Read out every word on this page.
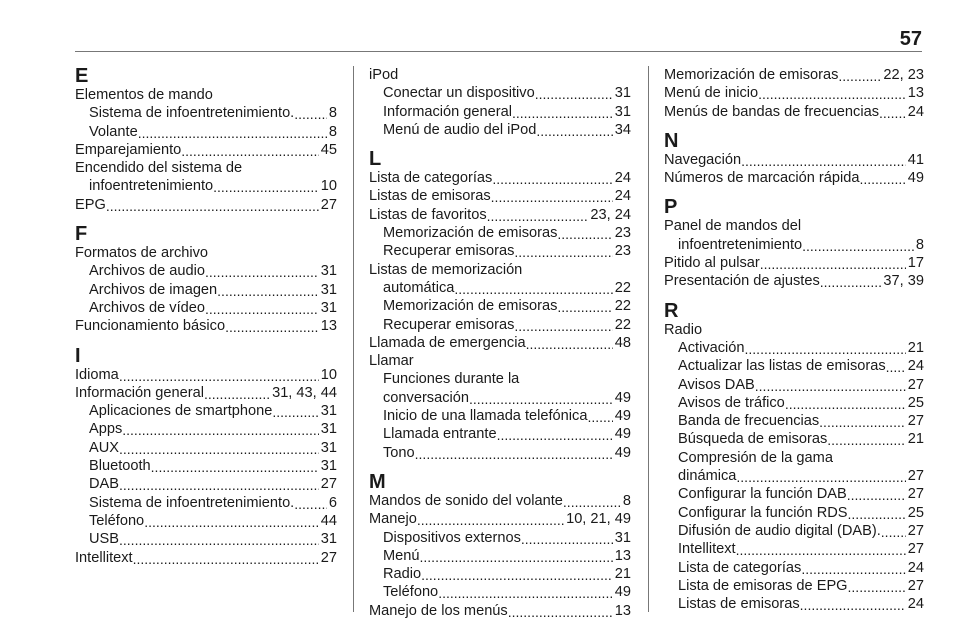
57
E
Elementos de mando
Sistema de infoentretenimiento. ..... 8
Volante .....	8
Emparejamiento .....	45
Encendido del sistema de
infoentretenimiento .....	10
EPG .....	27
F
Formatos de archivo
Archivos de audio .....	31
Archivos de imagen .....	31
Archivos de vídeo .....	31
Funcionamiento básico .....	13
I
Idioma .....	10
Información general .....	31, 43, 44
Aplicaciones de smartphone .....	31
Apps .....	31
AUX .....	31
Bluetooth .....	31
DAB .....	27
Sistema de infoentretenimiento. ..... 6
Teléfono .....	44
USB .....	31
Intellitext .....	27
iPod
Conectar un dispositivo .....	31
Información general .....	31
Menú de audio del iPod .....	34
L
Lista de categorías .....	24
Listas de emisoras .....	24
Listas de favoritos .....	23, 24
Memorización de emisoras .....	23
Recuperar emisoras .....	23
Listas de memorización
automática .....	22
Memorización de emisoras .....	22
Recuperar emisoras .....	22
Llamada de emergencia .....	48
Llamar
Funciones durante la
conversación .....	49
Inicio de una llamada telefónica ..... 49
Llamada entrante .....	49
Tono .....	49
M
Mandos de sonido del volante .....	8
Manejo .....	10, 21, 49
Dispositivos externos .....	31
Menú .....	13
Radio .....	21
Teléfono .....	49
Manejo de los menús .....	13
Memorización de emisoras .....	22, 23
Menú de inicio .....	13
Menús de bandas de frecuencias ..... 24
N
Navegación .....	41
Números de marcación rápida .....	49
P
Panel de mandos del
infoentretenimiento .....	8
Pitido al pulsar .....	17
Presentación de ajustes .....	37, 39
R
Radio
Activación .....	21
Actualizar las listas de emisoras ..... 24
Avisos DAB .....	27
Avisos de tráfico .....	25
Banda de frecuencias .....	27
Búsqueda de emisoras .....	21
Compresión de la gama
dinámica .....	27
Configurar la función DAB .....	27
Configurar la función RDS .....	25
Difusión de audio digital (DAB). ..... 27
Intellitext .....	27
Lista de categorías .....	24
Lista de emisoras de EPG .....	27
Listas de emisoras .....	24
